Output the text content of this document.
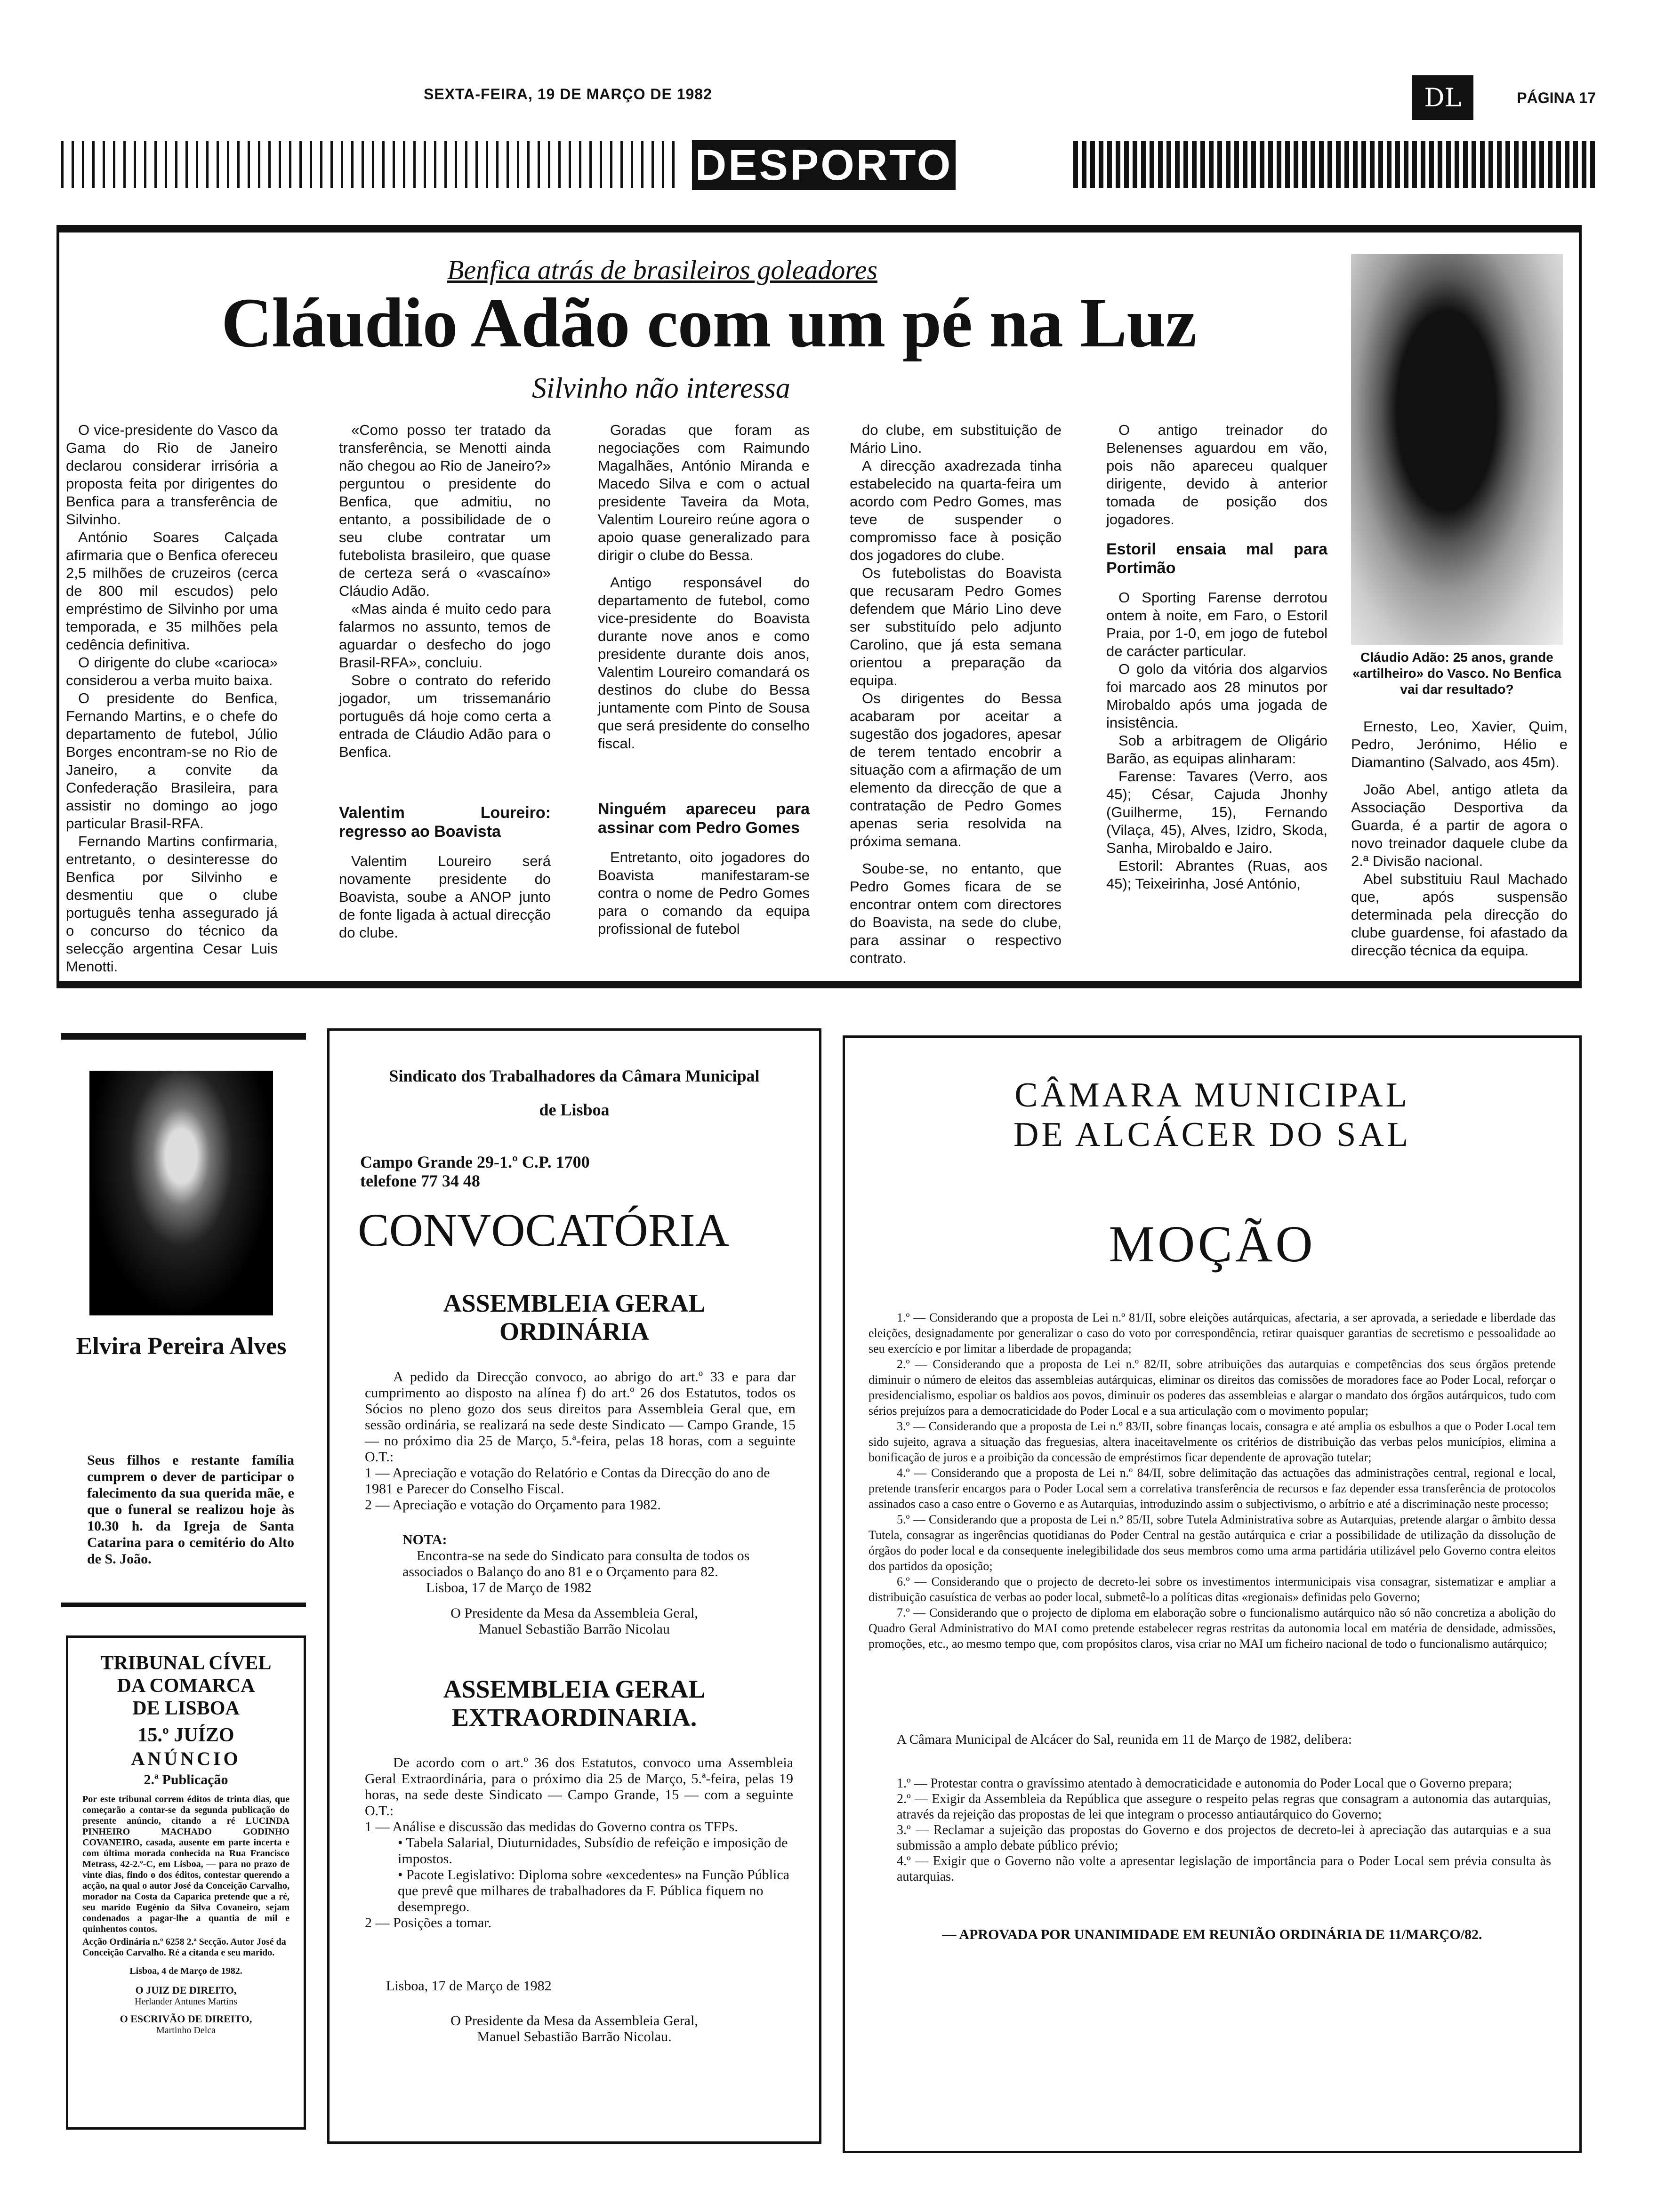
SEXTA-FEIRA, 19 DE MARÇO DE 1982	DL	PÁGINA 17
DESPORTO
Benfica atrás de brasileiros goleadores
Cláudio Adão com um pé na Luz
Silvinho não interessa

O vice-presidente do Vasco da Gama do Rio de Janeiro declarou considerar irrisória a proposta feita por dirigentes do Benfica para a transferência de Silvinho.

António Soares Calçada afirmaria que o Benfica ofereceu 2,5 milhões de cruzeiros (cerca de 800 mil escudos) pelo empréstimo de Silvinho por uma temporada, e 35 milhões pela cedência definitiva.

O dirigente do clube «carioca» considerou a verba muito baixa.

O presidente do Benfica, Fernando Martins, e o chefe do departamento de futebol, Júlio Borges encontram-se no Rio de Janeiro, a convite da Confederação Brasileira, para assistir no domingo ao jogo particular Brasil-RFA.

Fernando Martins confirmaria, entretanto, o desinteresse do Benfica por Silvinho e desmentiu que o clube português tenha assegurado já o concurso do técnico da selecção argentina Cesar Luis Menotti.

«Como posso ter tratado da transferência, se Menotti ainda não chegou ao Rio de Janeiro?» perguntou o presidente do Benfica, que admitiu, no entanto, a possibilidade de o seu clube contratar um futebolista brasileiro, que quase de certeza será o «vascaíno» Cláudio Adão.

«Mas ainda é muito cedo para falarmos no assunto, temos de aguardar o desfecho do jogo Brasil-RFA», concluiu.

Sobre o contrato do referido jogador, um trissemanário português dá hoje como certa a entrada de Cláudio Adão para o Benfica.

Valentim Loureiro: regresso ao Boavista

Valentim Loureiro será novamente presidente do Boavista, soube a ANOP junto de fonte ligada à actual direcção do clube.

Goradas que foram as negociações com Raimundo Magalhães, António Miranda e Macedo Silva e com o actual presidente Taveira da Mota, Valentim Loureiro reúne agora o apoio quase generalizado para dirigir o clube do Bessa.

Antigo responsável do departamento de futebol, como vice-presidente do Boavista durante nove anos e como presidente durante dois anos, Valentim Loureiro comandará os destinos do clube do Bessa juntamente com Pinto de Sousa que será presidente do conselho fiscal.

Ninguém apareceu para assinar com Pedro Gomes

Entretanto, oito jogadores do Boavista manifestaram-se contra o nome de Pedro Gomes para o comando da equipa profissional de futebol

do clube, em substituição de Mário Lino.

A direcção axadrezada tinha estabelecido na quarta-feira um acordo com Pedro Gomes, mas teve de suspender o compromisso face à posição dos jogadores do clube.

Os futebolistas do Boavista que recusaram Pedro Gomes defendem que Mário Lino deve ser substituído pelo adjunto Carolino, que já esta semana orientou a preparação da equipa.

Os dirigentes do Bessa acabaram por aceitar a sugestão dos jogadores, apesar de terem tentado encobrir a situação com a afirmação de um elemento da direcção de que a contratação de Pedro Gomes apenas seria resolvida na próxima semana.

Soube-se, no entanto, que Pedro Gomes ficara de se encontrar ontem com directores do Boavista, na sede do clube, para assinar o respectivo contrato.

O antigo treinador do Belenenses aguardou em vão, pois não apareceu qualquer dirigente, devido à anterior tomada de posição dos jogadores.

Estoril ensaia mal para Portimão

O Sporting Farense derrotou ontem à noite, em Faro, o Estoril Praia, por 1-0, em jogo de futebol de carácter particular.

O golo da vitória dos algarvios foi marcado aos 28 minutos por Mirobaldo após uma jogada de insistência.

Sob a arbitragem de Oligário Barão, as equipas alinharam:

Farense: Tavares (Verro, aos 45); César, Cajuda Jhonhy (Guilherme, 15), Fernando (Vilaça, 45), Alves, Izidro, Skoda, Sanha, Mirobaldo e Jairo.

Estoril: Abrantes (Ruas, aos 45); Teixeirinha, José António,

Cláudio Adão: 25 anos, grande «artilheiro» do Vasco. No Benfica vai dar resultado?

Ernesto, Leo, Xavier, Quim, Pedro, Jerónimo, Hélio e Diamantino (Salvado, aos 45m).

João Abel, antigo atleta da Associação Desportiva da Guarda, é a partir de agora o novo treinador daquele clube da 2.ª Divisão nacional.

Abel substituiu Raul Machado que, após suspensão determinada pela direcção do clube guardense, foi afastado da direcção técnica da equipa.

Elvira Pereira Alves
Seus filhos e restante família cumprem o dever de participar o falecimento da sua querida mãe, e que o funeral se realizou hoje às 10.30 h. da Igreja de Santa Catarina para o cemitério do Alto de S. João.
TRIBUNAL CÍVEL
DA COMARCA
DE LISBOA
15.º JUÍZO
ANÚNCIO
2.ª Publicação
Por este tribunal correm éditos de trinta dias, que começarão a contar-se da segunda publicação do presente anúncio, citando a ré LUCINDA PINHEIRO MACHADO GODINHO COVANEIRO, casada, ausente em parte incerta e com última morada conhecida na Rua Francisco Metrass, 42-2.º-C, em Lisboa, — para no prazo de vinte dias, findo o dos éditos, contestar querendo a acção, na qual o autor José da Conceição Carvalho, morador na Costa da Caparica pretende que a ré, seu marido Eugénio da Silva Covaneiro, sejam condenados a pagar-lhe a quantia de mil e quinhentos contos.
Acção Ordinária n.º 6258 2.ª Secção. Autor José da Conceição Carvalho. Ré a citanda e seu marido.
Lisboa, 4 de Março de 1982.
O JUIZ DE DIREITO,
Herlander Antunes Martins
O ESCRIVÃO DE DIREITO,
Martinho Delca
Sindicato dos Trabalhadores da Câmara Municipal
de Lisboa
Campo Grande 29-1.º C.P. 1700
telefone 77 34 48
CONVOCATÓRIA
ASSEMBLEIA GERAL
ORDINÁRIA
A pedido da Direcção convoco, ao abrigo do art.º 33 e para dar cumprimento ao disposto na alínea f) do art.º 26 dos Estatutos, todos os Sócios no pleno gozo dos seus direitos para Assembleia Geral que, em sessão ordinária, se realizará na sede deste Sindicato — Campo Grande, 15 — no próximo dia 25 de Março, 5.ª-feira, pelas 18 horas, com a seguinte O.T.:
1 — Apreciação e votação do Relatório e Contas da Direcção do ano de 1981 e Parecer do Conselho Fiscal.
2 — Apreciação e votação do Orçamento para 1982.
NOTA:
Encontra-se na sede do Sindicato para consulta de todos os associados o Balanço do ano 81 e o Orçamento para 82.
Lisboa, 17 de Março de 1982
O Presidente da Mesa da Assembleia Geral,
Manuel Sebastião Barrão Nicolau
ASSEMBLEIA GERAL
EXTRAORDINARIA.
De acordo com o art.º 36 dos Estatutos, convoco uma Assembleia Geral Extraordinária, para o próximo dia 25 de Março, 5.ª-feira, pelas 19 horas, na sede deste Sindicato — Campo Grande, 15 — com a seguinte O.T.:
1 — Análise e discussão das medidas do Governo contra os TFPs.
• Tabela Salarial, Diuturnidades, Subsídio de refeição e imposição de impostos.
• Pacote Legislativo: Diploma sobre «excedentes» na Função Pública que prevê que milhares de trabalhadores da F. Pública fiquem no desemprego.
2 — Posições a tomar.
Lisboa, 17 de Março de 1982
O Presidente da Mesa da Assembleia Geral,
Manuel Sebastião Barrão Nicolau.
CÂMARA MUNICIPAL
DE ALCÁCER DO SAL
MOÇÃO

1.º — Considerando que a proposta de Lei n.º 81/II, sobre eleições autárquicas, afectaria, a ser aprovada, a seriedade e liberdade das eleições, designadamente por generalizar o caso do voto por correspondência, retirar quaisquer garantias de secretismo e pessoalidade ao seu exercício e por limitar a liberdade de propaganda;

2.º — Considerando que a proposta de Lei n.º 82/II, sobre atribuições das autarquias e competências dos seus órgãos pretende diminuir o número de eleitos das assembleias autárquicas, eliminar os direitos das comissões de moradores face ao Poder Local, reforçar o presidencialismo, espoliar os baldios aos povos, diminuir os poderes das assembleias e alargar o mandato dos órgãos autárquicos, tudo com sérios prejuízos para a democraticidade do Poder Local e a sua articulação com o movimento popular;

3.º — Considerando que a proposta de Lei n.º 83/II, sobre finanças locais, consagra e até amplia os esbulhos a que o Poder Local tem sido sujeito, agrava a situação das freguesias, altera inaceitavelmente os critérios de distribuição das verbas pelos municípios, elimina a bonificação de juros e a proibição da concessão de empréstimos ficar dependente de aprovação tutelar;

4.º — Considerando que a proposta de Lei n.º 84/II, sobre delimitação das actuações das administrações central, regional e local, pretende transferir encargos para o Poder Local sem a correlativa transferência de recursos e faz depender essa transferência de protocolos assinados caso a caso entre o Governo e as Autarquias, introduzindo assim o subjectivismo, o arbítrio e até a discriminação neste processo;

5.º — Considerando que a proposta de Lei n.º 85/II, sobre Tutela Administrativa sobre as Autarquias, pretende alargar o âmbito dessa Tutela, consagrar as ingerências quotidianas do Poder Central na gestão autárquica e criar a possibilidade de utilização da dissolução de órgãos do poder local e da consequente inelegibilidade dos seus membros como uma arma partidária utilizável pelo Governo contra eleitos dos partidos da oposição;

6.º — Considerando que o projecto de decreto-lei sobre os investimentos intermunicipais visa consagrar, sistematizar e ampliar a distribuição casuística de verbas ao poder local, submetê-lo a políticas ditas «regionais» definidas pelo Governo;

7.º — Considerando que o projecto de diploma em elaboração sobre o funcionalismo autárquico não só não concretiza a abolição do Quadro Geral Administrativo do MAI como pretende estabelecer regras restritas da autonomia local em matéria de densidade, admissões, promoções, etc., ao mesmo tempo que, com propósitos claros, visa criar no MAI um ficheiro nacional de todo o funcionalismo autárquico;

A Câmara Municipal de Alcácer do Sal, reunida em 11 de Março de 1982, delibera:

1.º — Protestar contra o gravíssimo atentado à democraticidade e autonomia do Poder Local que o Governo prepara;

2.º — Exigir da Assembleia da República que assegure o respeito pelas regras que consagram a autonomia das autarquias, através da rejeição das propostas de lei que integram o processo antiautárquico do Governo;

3.º — Reclamar a sujeição das propostas do Governo e dos projectos de decreto-lei à apreciação das autarquias e a sua submissão a amplo debate público prévio;

4.º — Exigir que o Governo não volte a apresentar legislação de importância para o Poder Local sem prévia consulta às autarquias.

— APROVADA POR UNANIMIDADE EM REUNIÃO ORDINÁRIA DE 11/MARÇO/82.
